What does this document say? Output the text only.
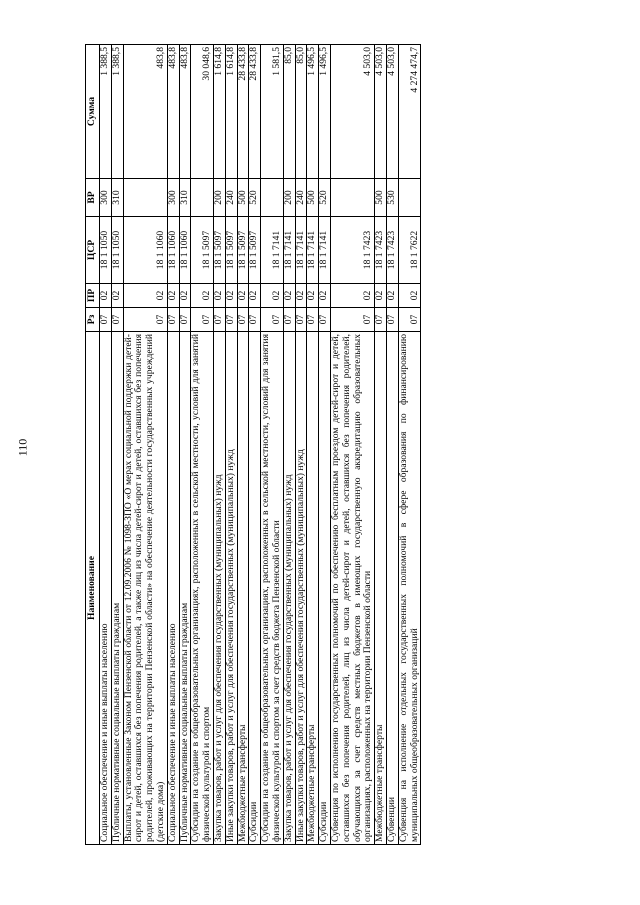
110
Наименование	Рз	ПР	ЦСР	ВР	Сумма
Социальное обеспечение и иные выплаты населению	07	02	18 1 1050	300	1 388,5
Публичные нормативные социальные выплаты гражданам	07	02	18 1 1050	310	1 388,5
Выплаты, установленные Законом Пензенской области от 12.09.2006 № 1098-ЗПО «О мерах социальной поддержки детей-сирот и детей, оставшихся без попечения родителей, а также лиц из числа детей-сирот и детей, оставшихся без попечения родителей, проживающих на территории Пензенской области» на обеспечение деятельности государственных учреждений (детские дома)	07	02	18 1 1060		483,8
Социальное обеспечение и иные выплаты населению	07	02	18 1 1060	300	483,8
Публичные нормативные социальные выплаты гражданам	07	02	18 1 1060	310	483,8
Субсидии на создание в общеобразовательных организациях, расположенных в сельской местности, условий для занятий физической культурой и спортом	07	02	18 1 5097		30 048,6
Закупка товаров, работ и услуг для обеспечения государственных (муниципальных) нужд	07	02	18 1 5097	200	1 614,8
Иные закупки товаров, работ и услуг для обеспечения государственных (муниципальных) нужд	07	02	18 1 5097	240	1 614,8
Межбюджетные трансферты	07	02	18 1 5097	500	28 433,8
Субсидии	07	02	18 1 5097	520	28 433,8
Субсидии на создание в общеобразовательных организациях, расположенных в сельской местности, условий для занятия физической культурой и спортом за счет средств бюджета Пензенской области	07	02	18 1 7141		1 581,5
Закупка товаров, работ и услуг для обеспечения государственных (муниципальных) нужд	07	02	18 1 7141	200	85,0
Иные закупки товаров, работ и услуг для обеспечения государственных (муниципальных) нужд	07	02	18 1 7141	240	85,0
Межбюджетные трансферты	07	02	18 1 7141	500	1 496,5
Субсидии	07	02	18 1 7141	520	1 496,5
Субвенция по исполнению государственных полномочий по обеспечению бесплатным проездом детей-сирот и детей, оставшихся без попечения родителей, лиц из числа детей-сирот и детей, оставшихся без попечения родителей, обучающихся за счет средств местных бюджетов в имеющих государственную аккредитацию образовательных организациях, расположенных на территории Пензенской области	07	02	18 1 7423		4 503,0
Межбюджетные трансферты	07	02	18 1 7423	500	4 503,0
Субвенции	07	02	18 1 7423	530	4 503,0
Субвенция на исполнение отдельных государственных полномочий в сфере образования по финансированию муниципальных общеобразовательных организаций	07	02	18 1 7622		4 274 474,7
